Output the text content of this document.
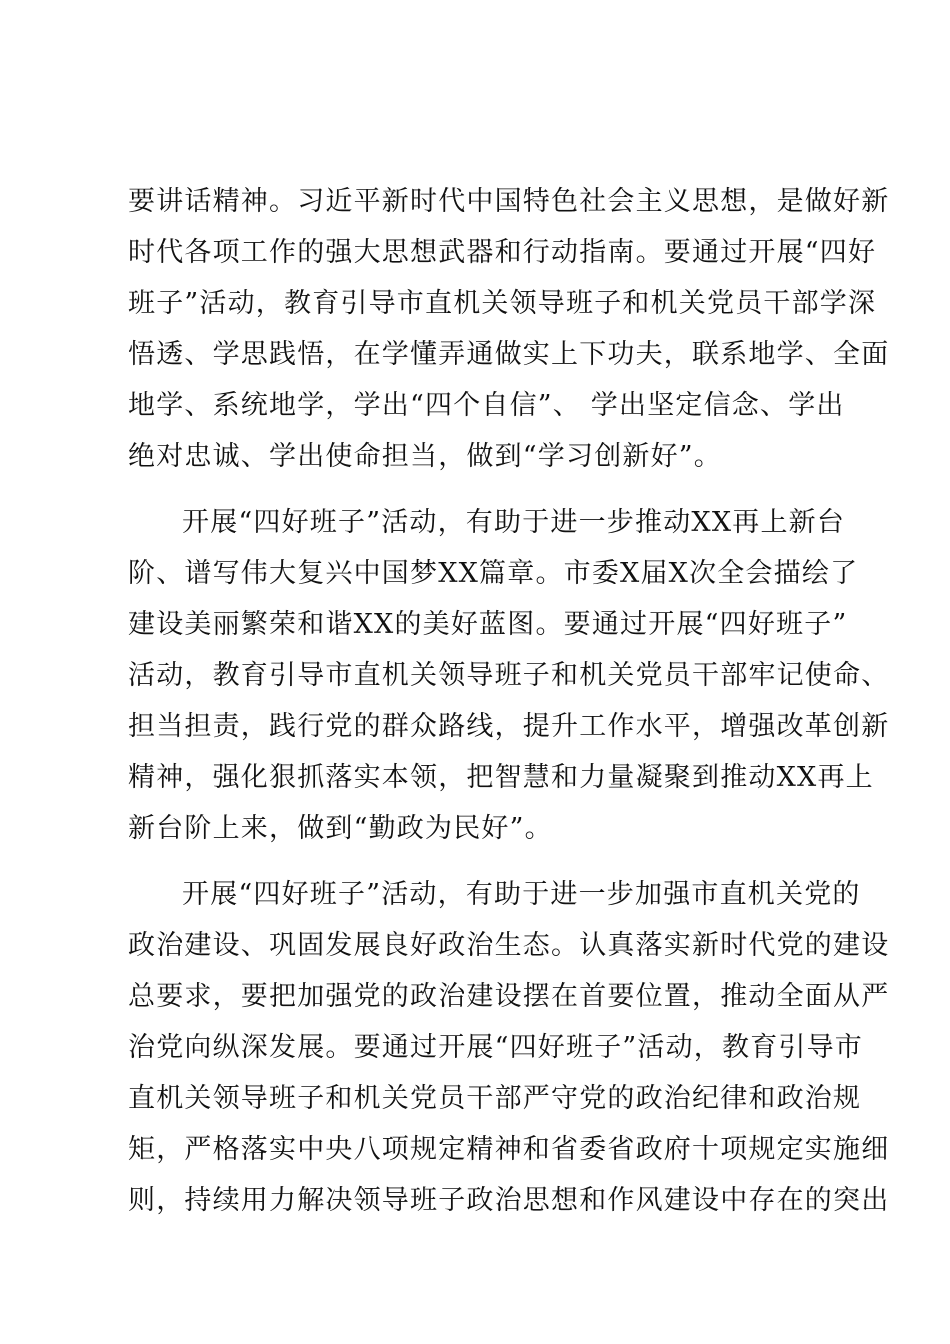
要讲话精神。习近平新时代中国特色社会主义思想，是做好新
时代各项工作的强大思想武器和行动指南。要通过开展“四好
班子”活动，教育引导市直机关领导班子和机关党员干部学深
悟透、学思践悟，在学懂弄通做实上下功夫，联系地学、全面
地学、系统地学，学出“四个自信”、 学出坚定信念、学出
绝对忠诚、学出使命担当，做到“学习创新好”。
开展“四好班子”活动，有助于进一步推动XX再上新台
阶、谱写伟大复兴中国梦XX篇章。市委X届X次全会描绘了
建设美丽繁荣和谐XX的美好蓝图。要通过开展“四好班子”
活动，教育引导市直机关领导班子和机关党员干部牢记使命、
担当担责，践行党的群众路线，提升工作水平，增强改革创新
精神，强化狠抓落实本领，把智慧和力量凝聚到推动XX再上
新台阶上来，做到“勤政为民好”。
开展“四好班子”活动，有助于进一步加强市直机关党的
政治建设、巩固发展良好政治生态。认真落实新时代党的建设
总要求，要把加强党的政治建设摆在首要位置，推动全面从严
治党向纵深发展。要通过开展“四好班子”活动，教育引导市
直机关领导班子和机关党员干部严守党的政治纪律和政治规
矩，严格落实中央八项规定精神和省委省政府十项规定实施细
则，持续用力解决领导班子政治思想和作风建设中存在的突出
